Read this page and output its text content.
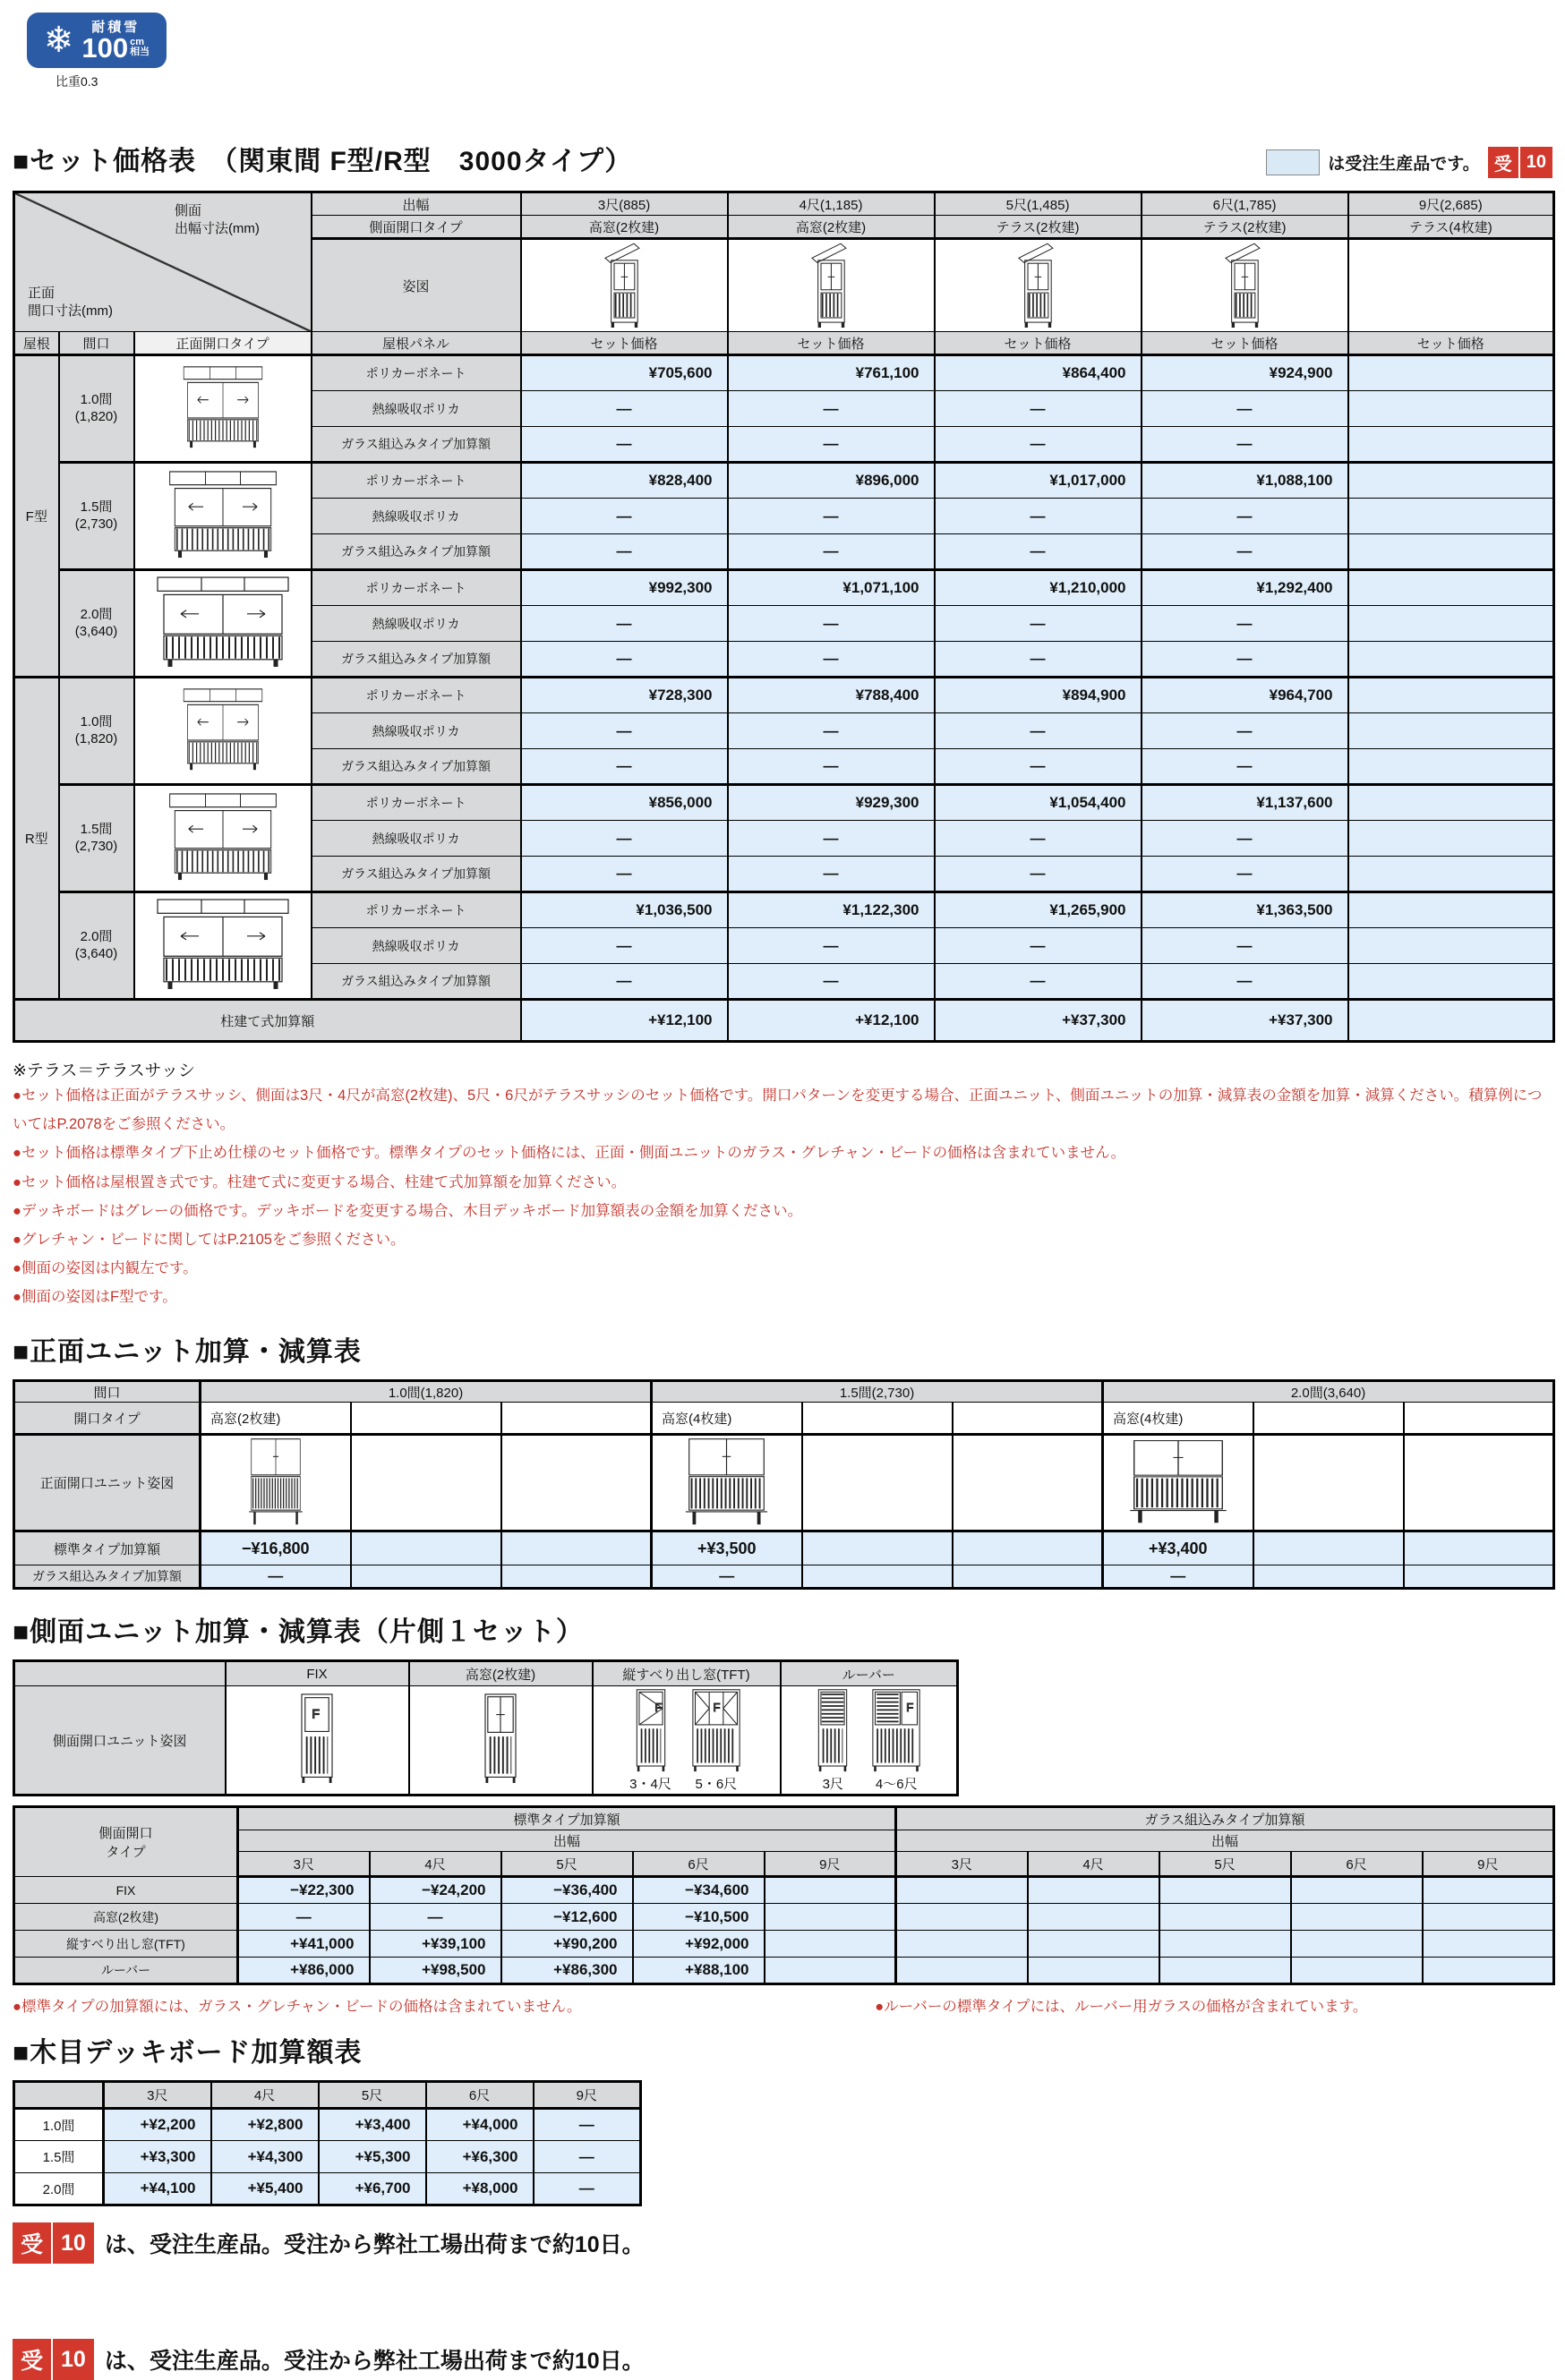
❄ 耐積雪
100 cm
相当
比重0.3
■セット価格表　（関東間 F型/R型　3000タイプ）	は受注生産品です。 受 10
側面
出幅寸法(mm)
正面
間口寸法(mm)			出幅	3尺(885)	4尺(1,185)	5尺(1,485)	6尺(1,785)	9尺(2,685)
			側面開口タイプ	高窓(2枚建)	高窓(2枚建)	テラス(2枚建)	テラス(2枚建)	テラス(4枚建)
			姿図					
屋根	間口	正面開口タイプ	屋根パネル	セット価格	セット価格	セット価格	セット価格	セット価格
F型	1.0間
(1,820)		ポリカーボネート	¥705,600	¥761,100	¥864,400	¥924,900	
			熱線吸収ポリカ	—	—	—	—	
			ガラス組込みタイプ加算額	—	—	—	—	

	1.5間
(2,730)		ポリカーボネート	¥828,400	¥896,000	¥1,017,000	¥1,088,100	
			熱線吸収ポリカ	—	—	—	—	
			ガラス組込みタイプ加算額	—	—	—	—	

	2.0間
(3,640)		ポリカーボネート	¥992,300	¥1,071,100	¥1,210,000	¥1,292,400	
			熱線吸収ポリカ	—	—	—	—	
			ガラス組込みタイプ加算額	—	—	—	—	
R型	1.0間
(1,820)		ポリカーボネート	¥728,300	¥788,400	¥894,900	¥964,700	
			熱線吸収ポリカ	—	—	—	—	
			ガラス組込みタイプ加算額	—	—	—	—	

	1.5間
(2,730)		ポリカーボネート	¥856,000	¥929,300	¥1,054,400	¥1,137,600	
			熱線吸収ポリカ	—	—	—	—	
			ガラス組込みタイプ加算額	—	—	—	—	

	2.0間
(3,640)		ポリカーボネート	¥1,036,500	¥1,122,300	¥1,265,900	¥1,363,500	
			熱線吸収ポリカ	—	—	—	—	
			ガラス組込みタイプ加算額	—	—	—	—	
柱建て式加算額				+¥12,100	+¥12,100	+¥37,300	+¥37,300	
※テラス＝テラスサッシ
●セット価格は正面がテラスサッシ、側面は3尺・4尺が高窓(2枚建)、5尺・6尺がテラスサッシのセット価格です。開口パターンを変更する場合、正面ユニット、側面ユニットの加算・減算表の金額を加算・減算ください。積算例についてはP.2078をご参照ください。
●セット価格は標準タイプ下止め仕様のセット価格です。標準タイプのセット価格には、正面・側面ユニットのガラス・グレチャン・ビードの価格は含まれていません。
●セット価格は屋根置き式です。柱建て式に変更する場合、柱建て式加算額を加算ください。
●デッキボードはグレーの価格です。デッキボードを変更する場合、木目デッキボード加算額表の金額を加算ください。
●グレチャン・ビードに関してはP.2105をご参照ください。
●側面の姿図は内観左です。
●側面の姿図はF型です。
■正面ユニット加算・減算表
間口	1.0間(1,820)			1.5間(2,730)			2.0間(3,640)		
開口タイプ	高窓(2枚建)			高窓(4枚建)			高窓(4枚建)		
正面開口ユニット姿図									
標準タイプ加算額	−¥16,800			+¥3,500			+¥3,400		
ガラス組込みタイプ加算額	—			—			—		
■側面ユニット加算・減算表（片側１セット）
	FIX	高窓(2枚建)	縦すべり出し窓(TFT)	ルーバー
側面開口ユニット姿図			
3・4尺 5・6尺	3尺 4〜6尺
側面開口
タイプ	標準タイプ加算額					ガラス組込みタイプ加算額				
	出幅					出幅				
	3尺	4尺	5尺	6尺	9尺	3尺	4尺	5尺	6尺	9尺
FIX	−¥22,300	−¥24,200	−¥36,400	−¥34,600						
高窓(2枚建)	—	—	−¥12,600	−¥10,500						
縦すべり出し窓(TFT)	+¥41,000	+¥39,100	+¥90,200	+¥92,000						
ルーバー	+¥86,000	+¥98,500	+¥86,300	+¥88,100						
●標準タイプの加算額には、ガラス・グレチャン・ビードの価格は含まれていません。	●ルーバーの標準タイプには、ルーバー用ガラスの価格が含まれています。
■木目デッキボード加算額表
	3尺	4尺	5尺	6尺	9尺
1.0間	+¥2,200	+¥2,800	+¥3,400	+¥4,000	—
1.5間	+¥3,300	+¥4,300	+¥5,300	+¥6,300	—
2.0間	+¥4,100	+¥5,400	+¥6,700	+¥8,000	—
受 10 は、受注生産品。受注から弊社工場出荷まで約10日。
受 10 は、受注生産品。受注から弊社工場出荷まで約10日。
